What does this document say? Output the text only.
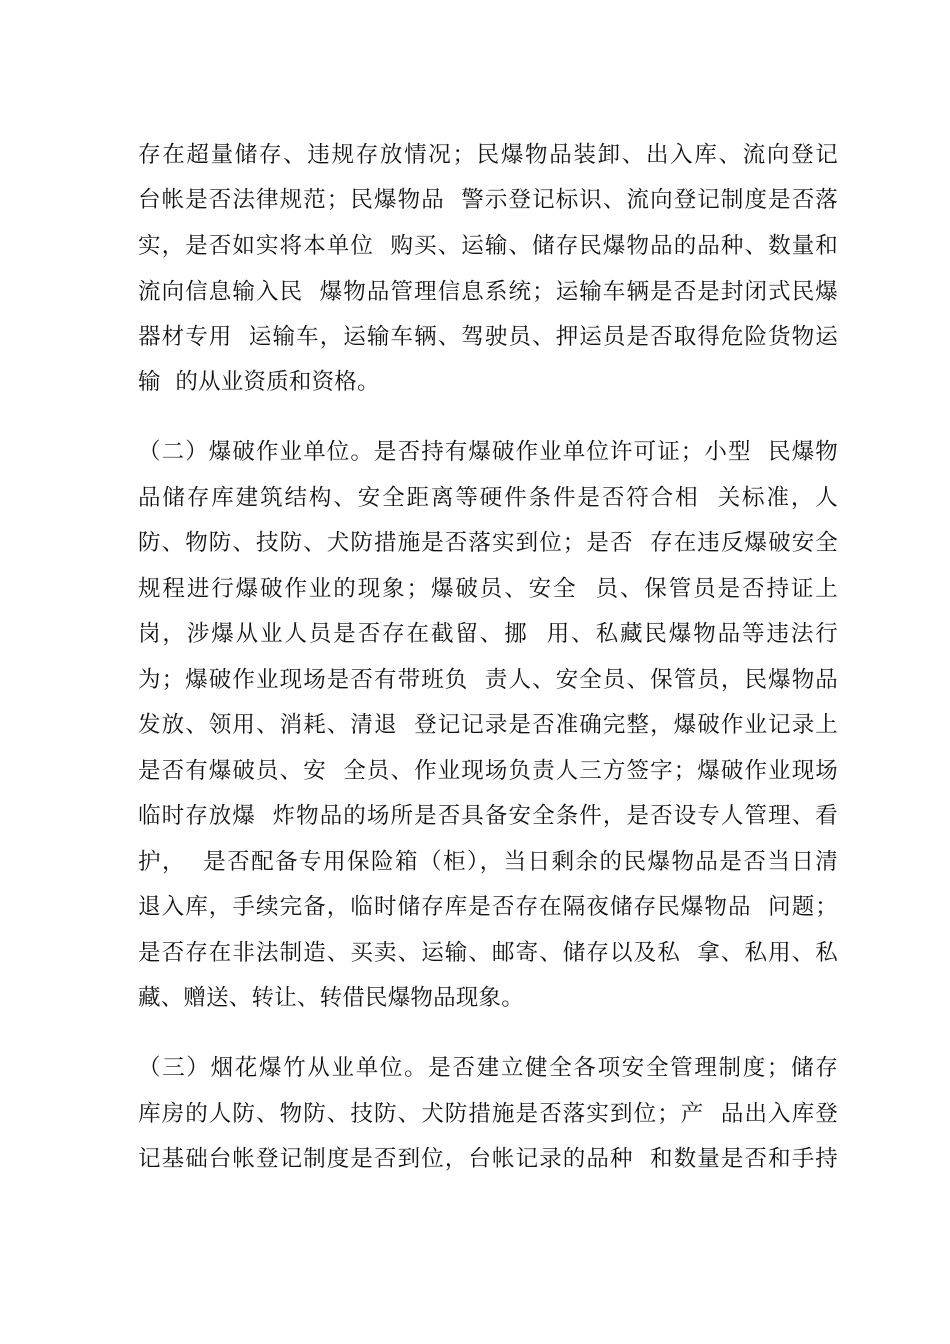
存在超量储存、违规存放情况；民爆物品装卸、出入库、流向登记
台帐是否法律规范；民爆物品  警示登记标识、流向登记制度是否落
实，是否如实将本单位  购买、运输、储存民爆物品的品种、数量和
流向信息输入民  爆物品管理信息系统；运输车辆是否是封闭式民爆
器材专用  运输车，运输车辆、驾驶员、押运员是否取得危险货物运
输  的从业资质和资格。
（二）爆破作业单位。是否持有爆破作业单位许可证；小型  民爆物
品储存库建筑结构、安全距离等硬件条件是否符合相  关标准，人
防、物防、技防、犬防措施是否落实到位；是否  存在违反爆破安全
规程进行爆破作业的现象；爆破员、安全  员、保管员是否持证上
岗，涉爆从业人员是否存在截留、挪  用、私藏民爆物品等违法行
为；爆破作业现场是否有带班负  责人、安全员、保管员，民爆物品
发放、领用、消耗、清退  登记记录是否准确完整，爆破作业记录上
是否有爆破员、安  全员、作业现场负责人三方签字；爆破作业现场
临时存放爆  炸物品的场所是否具备安全条件，是否设专人管理、看
护，  是否配备专用保险箱（柜），当日剩余的民爆物品是否当日清
退入库，手续完备，临时储存库是否存在隔夜储存民爆物品  问题；
是否存在非法制造、买卖、运输、邮寄、储存以及私  拿、私用、私
藏、赠送、转让、转借民爆物品现象。
（三）烟花爆竹从业单位。是否建立健全各项安全管理制度；储存
库房的人防、物防、技防、犬防措施是否落实到位；产  品出入库登
记基础台帐登记制度是否到位，台帐记录的品种  和数量是否和手持
